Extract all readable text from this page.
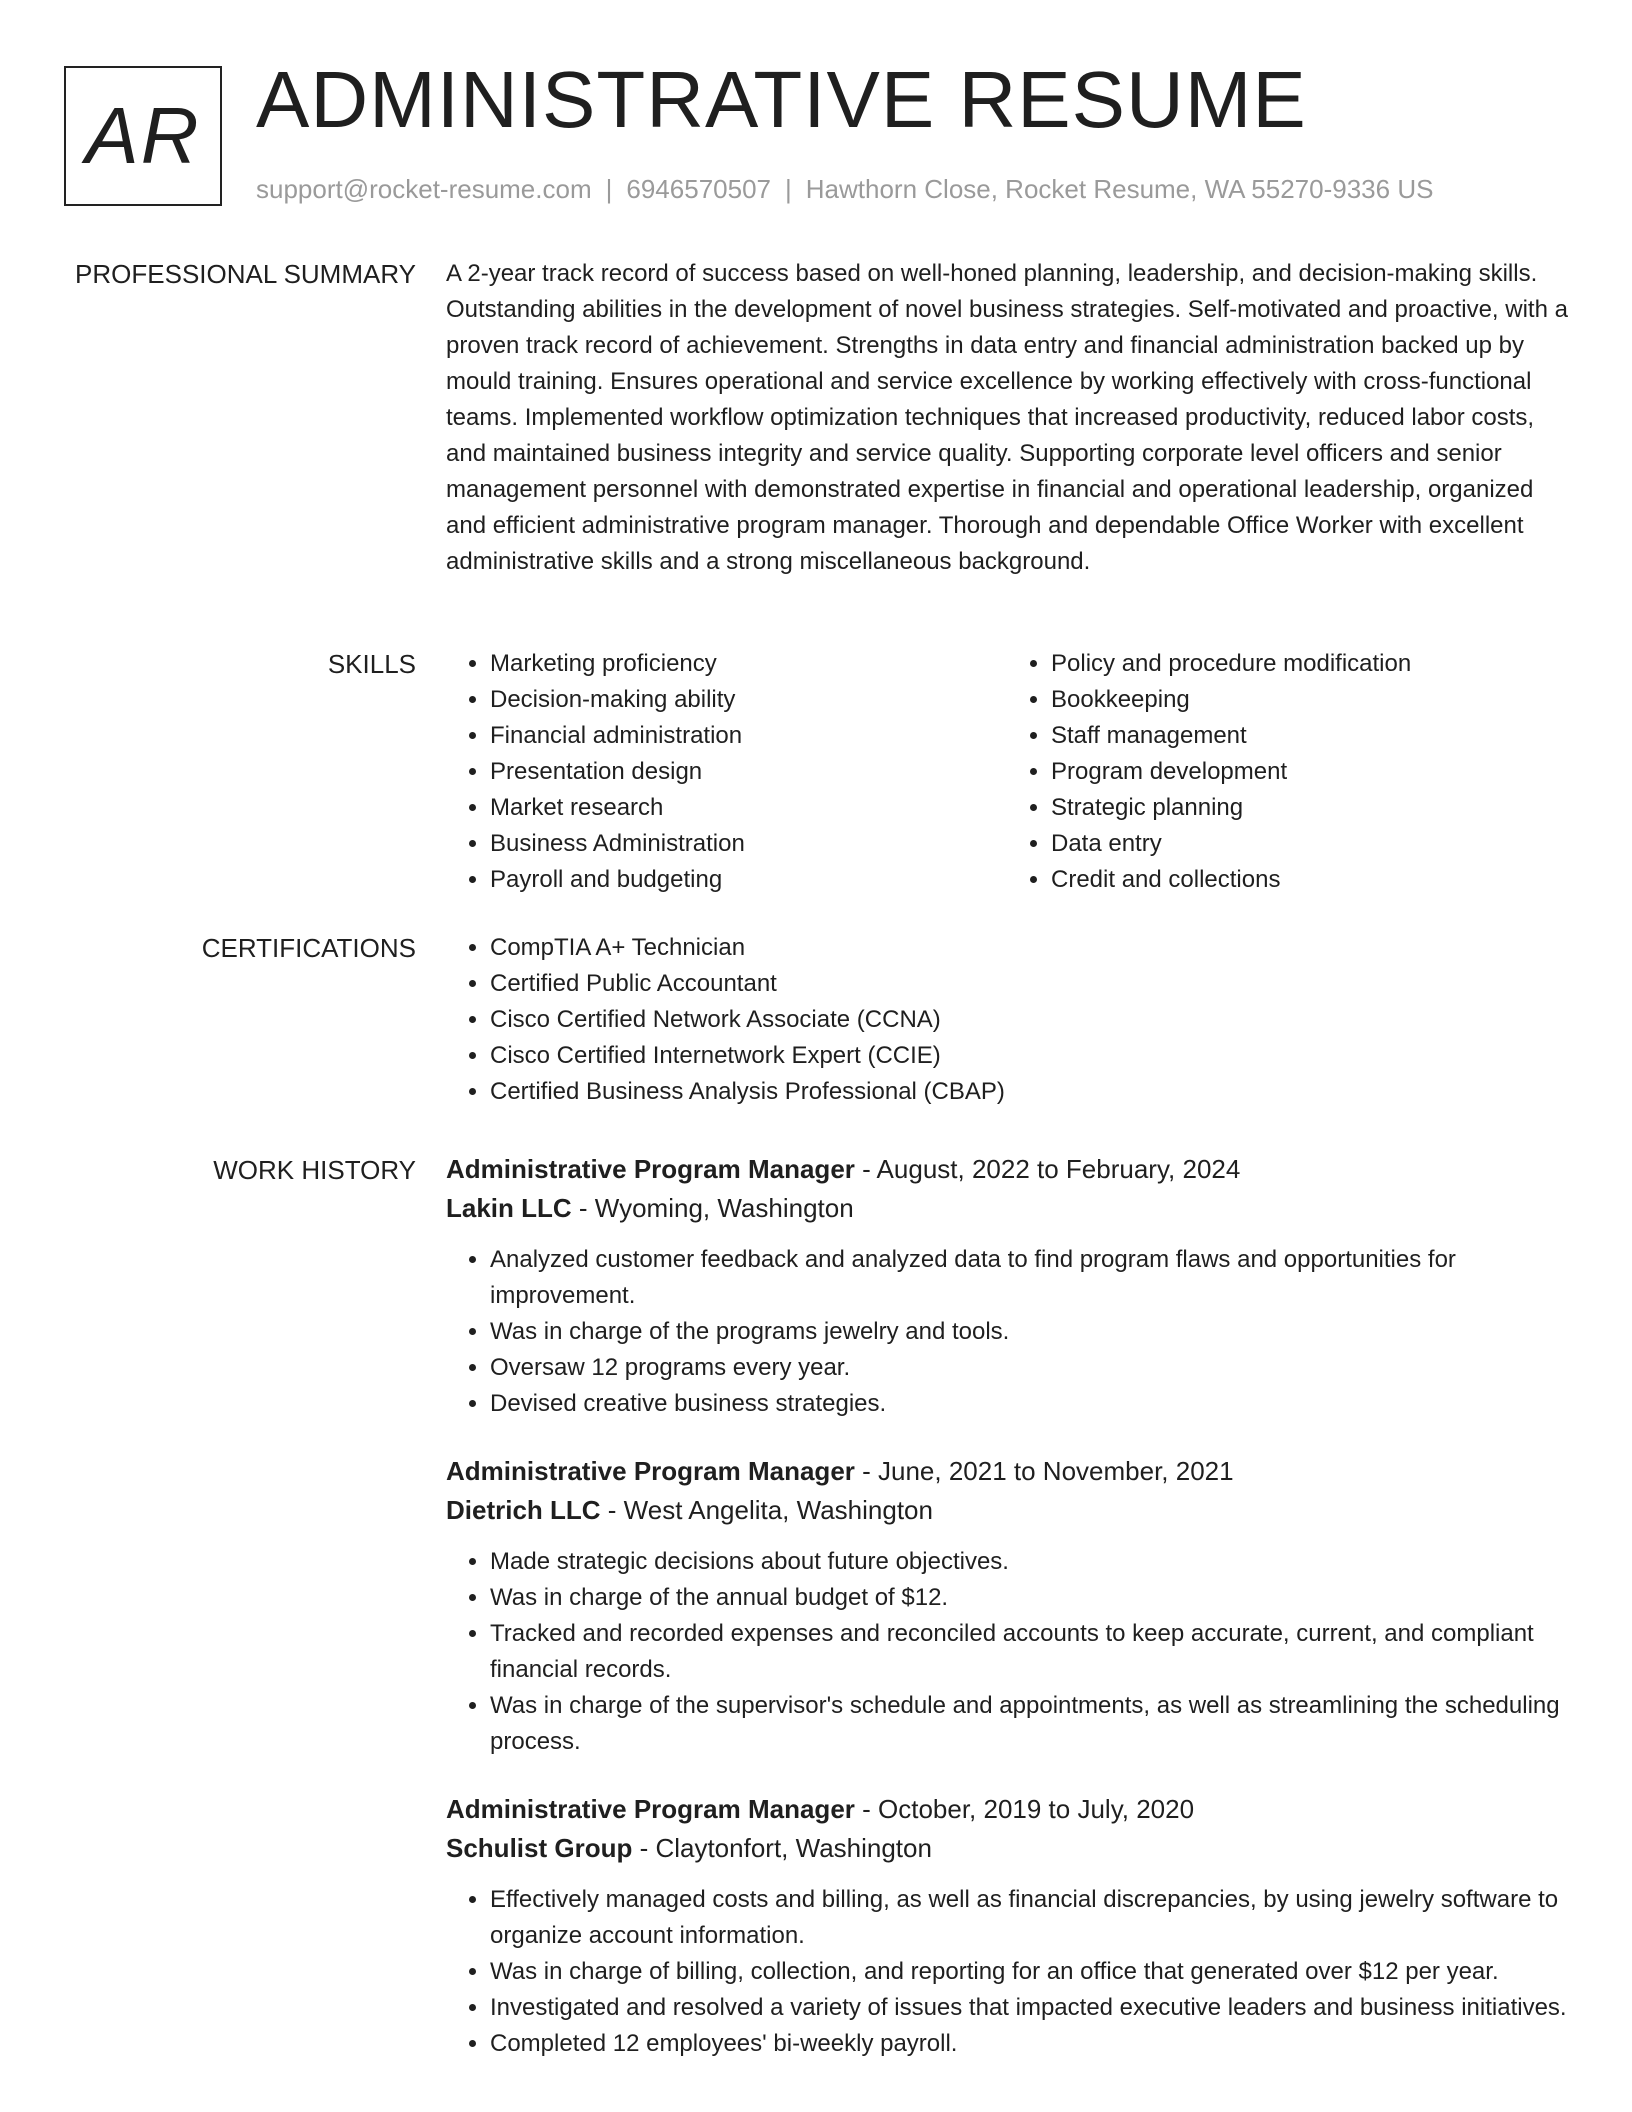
AR ADMINISTRATIVE RESUME
support@rocket-resume.com | 6946570507 | Hawthorn Close, Rocket Resume, WA 55270-9336 US
PROFESSIONAL SUMMARY A 2-year track record of success based on well-honed planning, leadership, and decision-making skills. Outstanding abilities in the development of novel business strategies. Self-motivated and proactive, with a proven track record of achievement. Strengths in data entry and financial administration backed up by mould training. Ensures operational and service excellence by working effectively with cross-functional teams. Implemented workflow optimization techniques that increased productivity, reduced labor costs, and maintained business integrity and service quality. Supporting corporate level officers and senior management personnel with demonstrated expertise in financial and operational leadership, organized and efficient administrative program manager. Thorough and dependable Office Worker with excellent administrative skills and a strong miscellaneous background.

SKILLS	• Marketing proficiency
• Decision-making ability
• Financial administration
• Presentation design
• Market research
• Business Administration
• Payroll and budgeting
• Policy and procedure modification
• Bookkeeping
• Staff management
• Program development
• Strategic planning
• Data entry
• Credit and collections
CERTIFICATIONS	• CompTIA A+ Technician
• Certified Public Accountant
• Cisco Certified Network Associate (CCNA)
• Cisco Certified Internetwork Expert (CCIE)
• Certified Business Analysis Professional (CBAP)
WORK HISTORY Administrative Program Manager - August, 2022 to February, 2024
Lakin LLC - Wyoming, Washington
• Analyzed customer feedback and analyzed data to find program flaws and opportunities for improvement.
• Was in charge of the programs jewelry and tools.
• Oversaw 12 programs every year.
• Devised creative business strategies.
Administrative Program Manager - June, 2021 to November, 2021
Dietrich LLC - West Angelita, Washington
• Made strategic decisions about future objectives.
• Was in charge of the annual budget of $12.
• Tracked and recorded expenses and reconciled accounts to keep accurate, current, and compliant financial records.
• Was in charge of the supervisor's schedule and appointments, as well as streamlining the scheduling process.
Administrative Program Manager - October, 2019 to July, 2020
Schulist Group - Claytonfort, Washington
• Effectively managed costs and billing, as well as financial discrepancies, by using jewelry software to organize account information.
• Was in charge of billing, collection, and reporting for an office that generated over $12 per year.
• Investigated and resolved a variety of issues that impacted executive leaders and business initiatives.
• Completed 12 employees' bi-weekly payroll.
